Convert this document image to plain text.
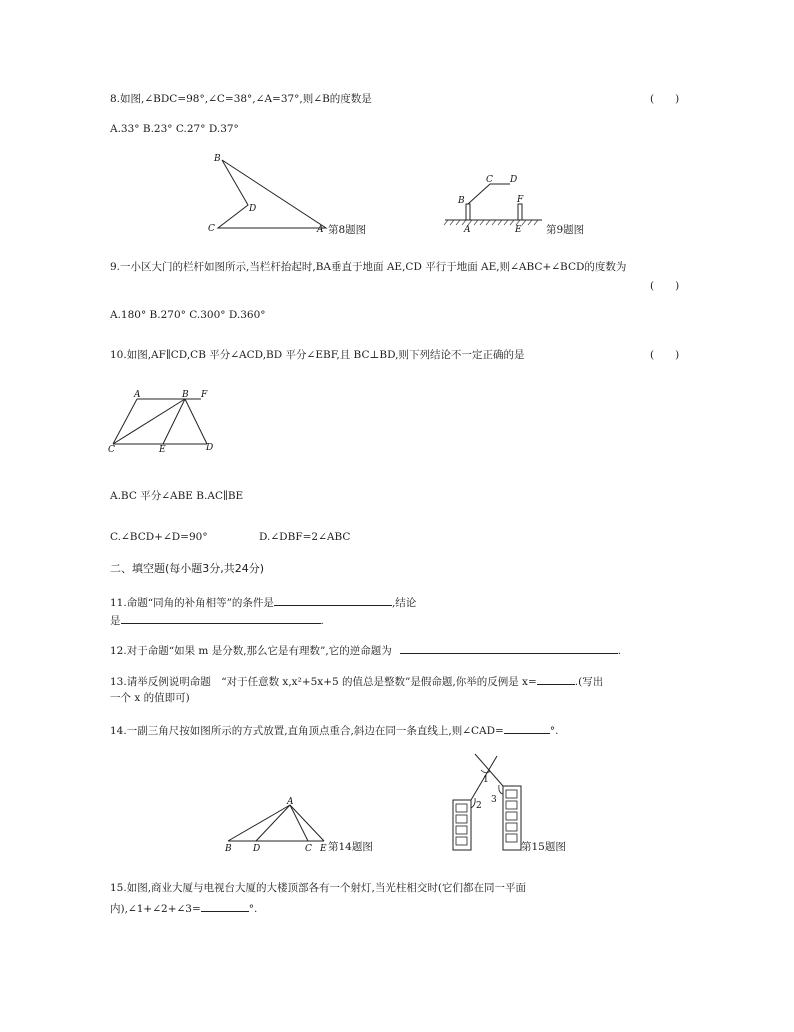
8.如图,∠BDC=98°,∠C=38°,∠A=37°,则∠B的度数是	(　　)
A.33° B.23° C.27° D.37°
B
D
C	A 第8题图
B
C D
F
A	E 第9题图
9.一小区大门的栏杆如图所示,当栏杆抬起时,BA垂直于地面 AE,CD 平行于地面 AE,则∠ABC+∠BCD的度数为
(　　)
A.180° B.270° C.300° D.360°
10.如图,AF∥CD,CB 平分∠ACD,BD 平分∠EBF,且 BC⊥BD,则下列结论不一定正确的是	(　　)
A	B F
C	E	D
A.BC 平分∠ABE B.AC∥BE
C.∠BCD+∠D=90°	D.∠DBF=2∠ABC
二、填空题(每小题3分,共24分)
11.命题“同角的补角相等”的条件是	,结论
是	.
12.对于命题“如果 m 是分数,那么它是有理数”,它的逆命题为	.
13.请举反例说明命题　“对于任意数 x,x²+5x+5 的值总是整数”是假命题,你举的反例是 x=	.(写出
一个 x 的值即可)
14.一副三角尺按如图所示的方式放置,直角顶点重合,斜边在同一条直线上,则∠CAD=	°.
A
B D	C E 第14题图
1
2
3
第15题图
15.如图,商业大厦与电视台大厦的大楼顶部各有一个射灯,当光柱相交时(它们都在同一平面
内),∠1+∠2+∠3=	°.
